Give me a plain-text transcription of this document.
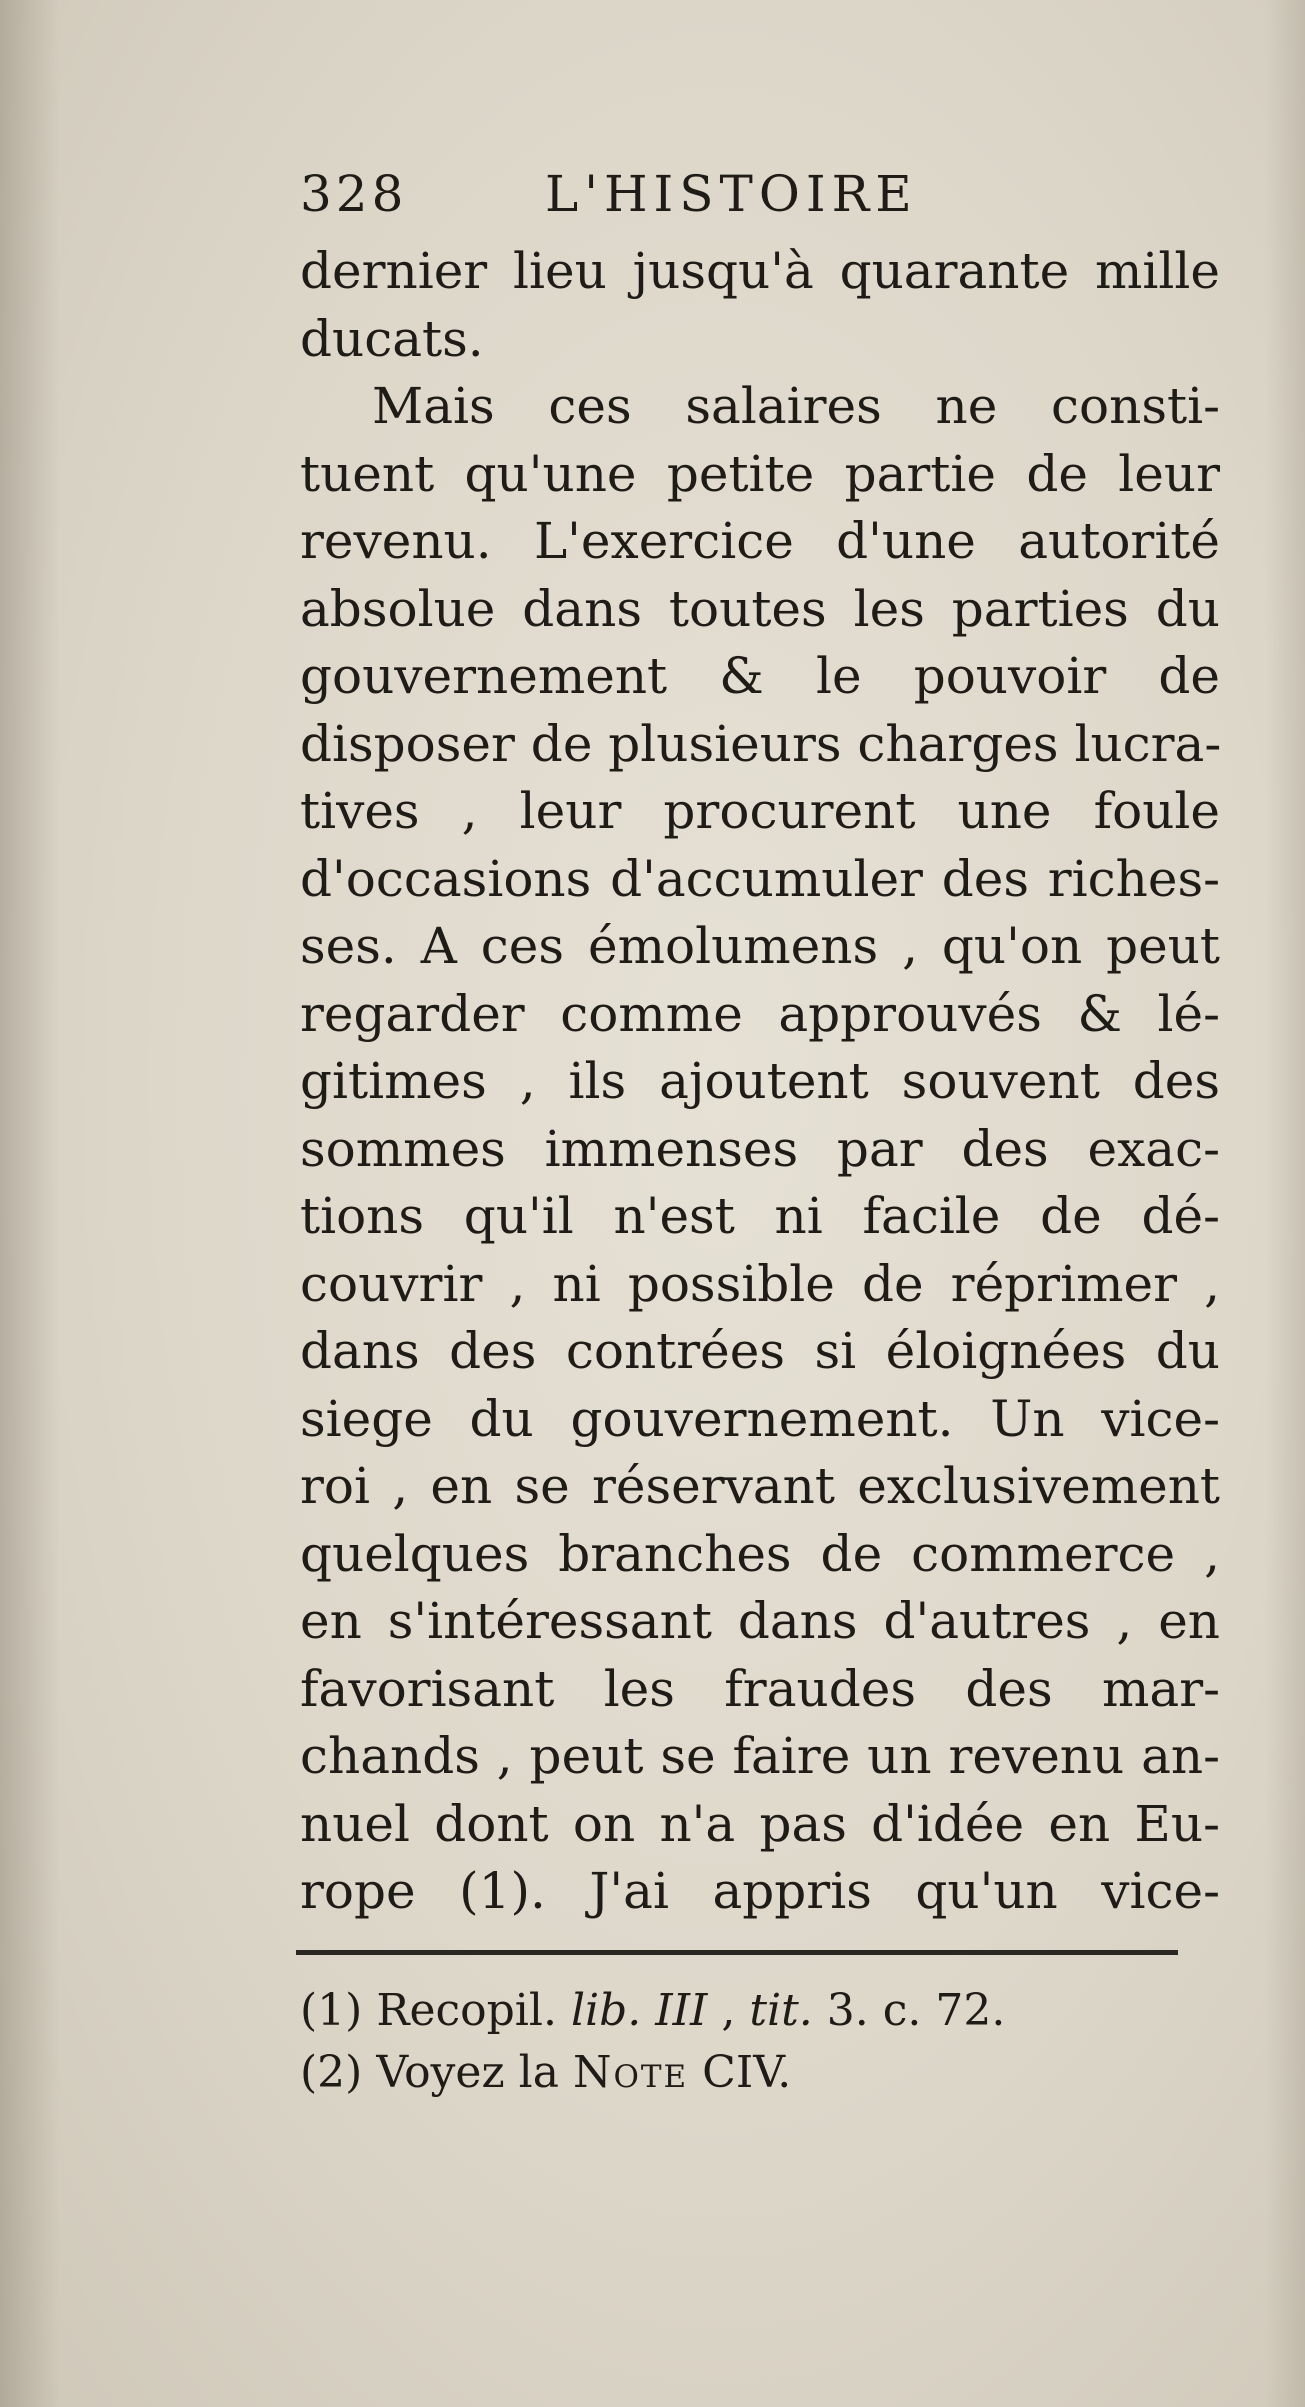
328	L'HISTOIRE
dernier lieu jusqu'à quarante mille
ducats.
Mais ces salaires ne consti-
tuent qu'une petite partie de leur
revenu. L'exercice d'une autorité
absolue dans toutes les parties du
gouvernement & le pouvoir de
disposer de plusieurs charges lucra-
tives , leur procurent une foule
d'occasions d'accumuler des riches-
ses. A ces émolumens , qu'on peut
regarder comme approuvés & lé-
gitimes , ils ajoutent souvent des
sommes immenses par des exac-
tions qu'il n'est ni facile de dé-
couvrir , ni possible de réprimer ,
dans des contrées si éloignées du
siege du gouvernement. Un vice-
roi , en se réservant exclusivement
quelques branches de commerce ,
en s'intéressant dans d'autres , en
favorisant les fraudes des mar-
chands , peut se faire un revenu an-
nuel dont on n'a pas d'idée en Eu-
rope (1). J'ai appris qu'un vice-
(1) Recopil. lib. III , tit. 3. c. 72.
(2) Voyez la Note CIV.
